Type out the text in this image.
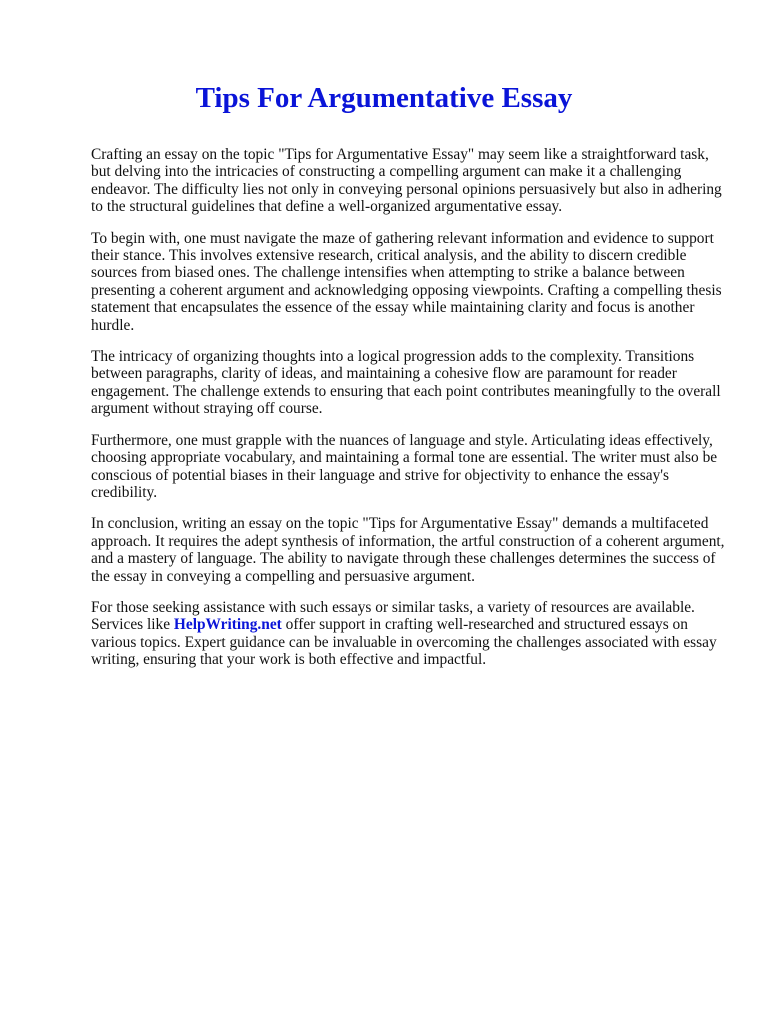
Tips For Argumentative Essay

Crafting an essay on the topic "Tips for Argumentative Essay" may seem like a straightforward task, but delving into the intricacies of constructing a compelling argument can make it a challenging endeavor. The difficulty lies not only in conveying personal opinions persuasively but also in adhering to the structural guidelines that define a well-organized argumentative essay.

To begin with, one must navigate the maze of gathering relevant information and evidence to support their stance. This involves extensive research, critical analysis, and the ability to discern credible sources from biased ones. The challenge intensifies when attempting to strike a balance between presenting a coherent argument and acknowledging opposing viewpoints. Crafting a compelling thesis statement that encapsulates the essence of the essay while maintaining clarity and focus is another hurdle.

The intricacy of organizing thoughts into a logical progression adds to the complexity. Transitions between paragraphs, clarity of ideas, and maintaining a cohesive flow are paramount for reader engagement. The challenge extends to ensuring that each point contributes meaningfully to the overall argument without straying off course.

Furthermore, one must grapple with the nuances of language and style. Articulating ideas effectively, choosing appropriate vocabulary, and maintaining a formal tone are essential. The writer must also be conscious of potential biases in their language and strive for objectivity to enhance the essay's credibility.

In conclusion, writing an essay on the topic "Tips for Argumentative Essay" demands a multifaceted approach. It requires the adept synthesis of information, the artful construction of a coherent argument, and a mastery of language. The ability to navigate through these challenges determines the success of the essay in conveying a compelling and persuasive argument.

For those seeking assistance with such essays or similar tasks, a variety of resources are available. Services like HelpWriting.net offer support in crafting well-researched and structured essays on various topics. Expert guidance can be invaluable in overcoming the challenges associated with essay writing, ensuring that your work is both effective and impactful.
